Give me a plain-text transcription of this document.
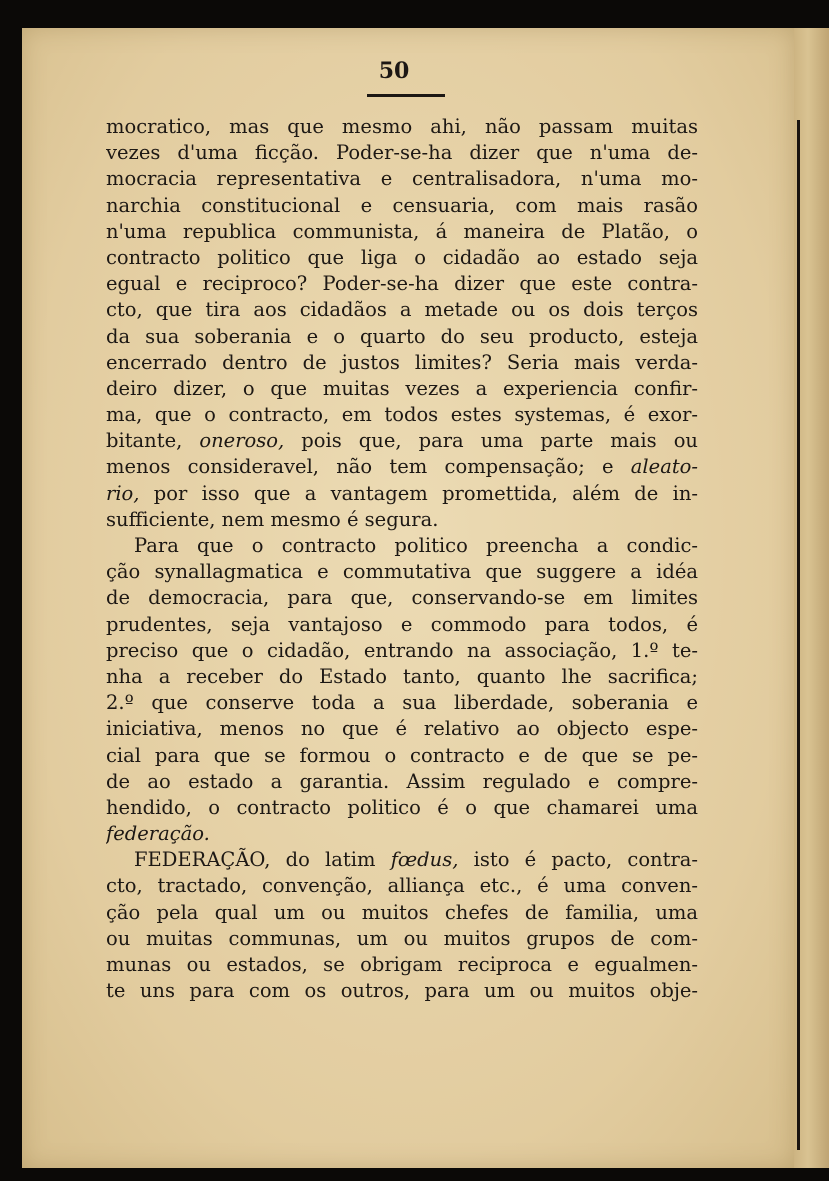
50
mocratico, mas que mesmo ahi, não passam muitas
vezes d'uma ficção. Poder-se-ha dizer que n'uma de-
mocracia representativa e centralisadora, n'uma mo-
narchia constitucional e censuaria, com mais rasão
n'uma republica communista, á maneira de Platão, o
contracto politico que liga o cidadão ao estado seja
egual e reciproco? Poder-se-ha dizer que este contra-
cto, que tira aos cidadãos a metade ou os dois terços
da sua soberania e o quarto do seu producto, esteja
encerrado dentro de justos limites? Seria mais verda-
deiro dizer, o que muitas vezes a experiencia confir-
ma, que o contracto, em todos estes systemas, é exor-
bitante, oneroso, pois que, para uma parte mais ou
menos consideravel, não tem compensação; e aleato-
rio, por isso que a vantagem promettida, além de in-
sufficiente, nem mesmo é segura.
Para que o contracto politico preencha a condic-
ção synallagmatica e commutativa que suggere a idéa
de democracia, para que, conservando-se em limites
prudentes, seja vantajoso e commodo para todos, é
preciso que o cidadão, entrando na associação, 1.º te-
nha a receber do Estado tanto, quanto lhe sacrifica;
2.º que conserve toda a sua liberdade, soberania e
iniciativa, menos no que é relativo ao objecto espe-
cial para que se formou o contracto e de que se pe-
de ao estado a garantia. Assim regulado e compre-
hendido, o contracto politico é o que chamarei uma
federação.
FEDERAÇÃO, do latim fœdus, isto é pacto, contra-
cto, tractado, convenção, alliança etc., é uma conven-
ção pela qual um ou muitos chefes de familia, uma
ou muitas communas, um ou muitos grupos de com-
munas ou estados, se obrigam reciproca e egualmen-
te uns para com os outros, para um ou muitos obje-
